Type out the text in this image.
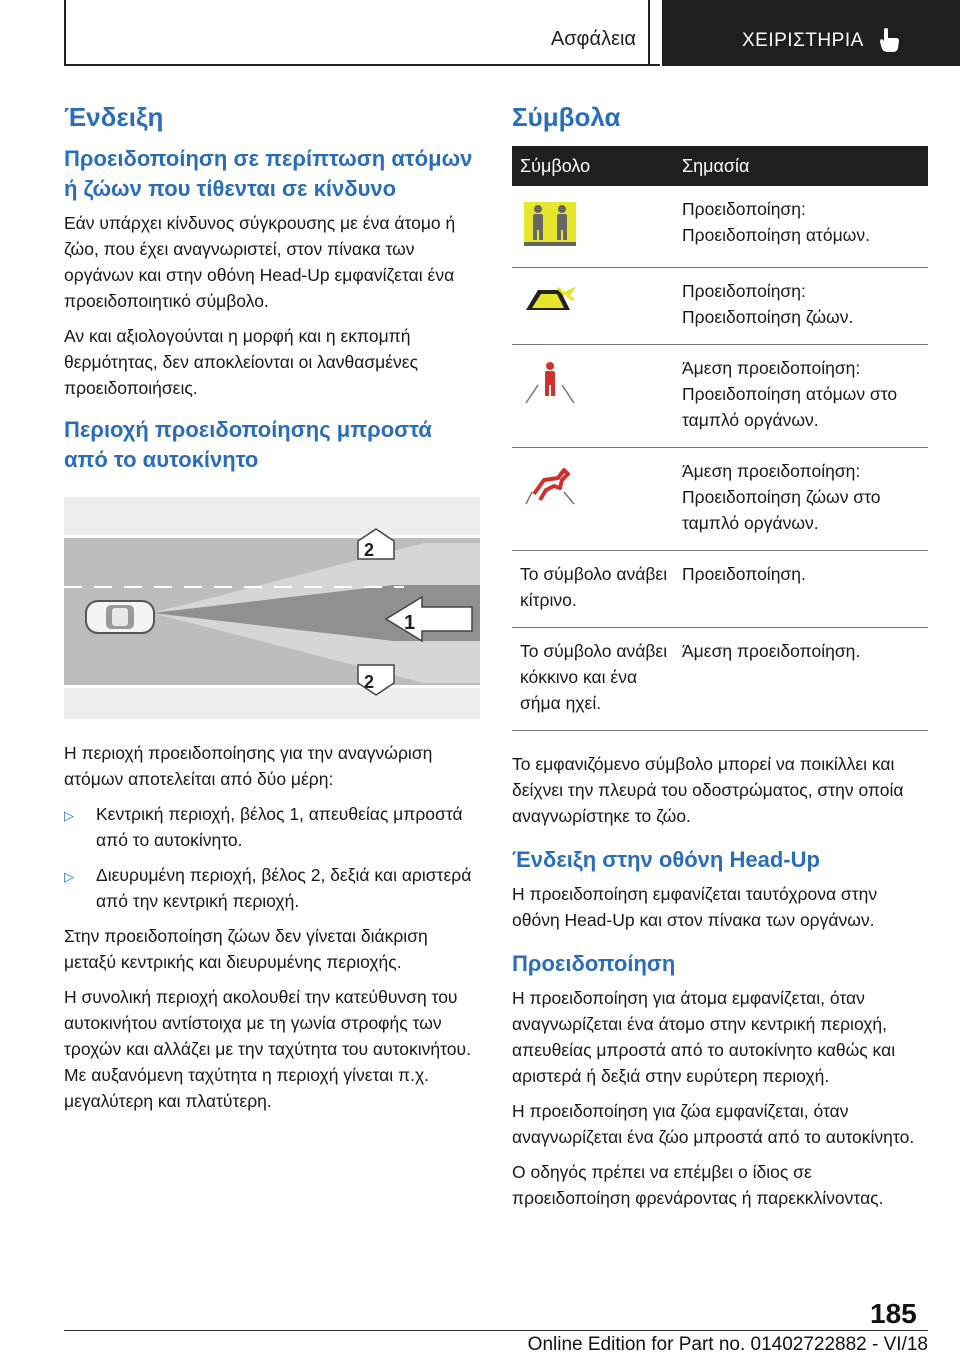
Ασφάλεια	ΧΕΙΡΙΣΤΗΡΙΑ
Ένδειξη
Προειδοποίηση σε περίπτωση ατόμων ή ζώων που τίθενται σε κίνδυνο

Εάν υπάρχει κίνδυνος σύγκρουσης με ένα άτομο ή ζώο, που έχει αναγνωριστεί, στον πίνακα των οργάνων και στην οθόνη Head-Up εμφανίζεται ένα προειδοποιητικό σύμβολο.

Αν και αξιολογούνται η μορφή και η εκπομπή θερμότητας, δεν αποκλείονται οι λανθασμένες προειδοποιήσεις.

Περιοχή προειδοποίησης μπροστά από το αυτοκίνητο
1
2
2

Η περιοχή προειδοποίησης για την αναγνώριση ατόμων αποτελείται από δύο μέρη:

▷	Κεντρική περιοχή, βέλος 1, απευθείας μπροστά από το αυτοκίνητο.
▷	Διευρυμένη περιοχή, βέλος 2, δεξιά και αριστερά από την κεντρική περιοχή.

Στην προειδοποίηση ζώων δεν γίνεται διάκριση μεταξύ κεντρικής και διευρυμένης περιοχής.

Η συνολική περιοχή ακολουθεί την κατεύθυνση του αυτοκινήτου αντίστοιχα με τη γωνία στροφής των τροχών και αλλάζει με την ταχύτητα του αυτοκινήτου. Με αυξανόμενη ταχύτητα η περιοχή γίνεται π.χ. μεγαλύτερη και πλατύτερη.

Σύμβολα
Σύμβολο	Σημασία
	Προειδοποίηση: Προειδοποίηση ατόμων.
	Προειδοποίηση: Προειδοποίηση ζώων.
	Άμεση προειδοποίηση: Προειδοποίηση ατόμων στο ταμπλό οργάνων.
	Άμεση προειδοποίηση: Προειδοποίηση ζώων στο ταμπλό οργάνων.
Το σύμβολο ανάβει κίτρινο.	Προειδοποίηση.
Το σύμβολο ανάβει κόκκινο και ένα σήμα ηχεί.	Άμεση προειδοποίηση.

Το εμφανιζόμενο σύμβολο μπορεί να ποικίλλει και δείχνει την πλευρά του οδοστρώματος, στην οποία αναγνωρίστηκε το ζώο.

Ένδειξη στην οθόνη Head-Up

Η προειδοποίηση εμφανίζεται ταυτόχρονα στην οθόνη Head-Up και στον πίνακα των οργάνων.

Προειδοποίηση

Η προειδοποίηση για άτομα εμφανίζεται, όταν αναγνωρίζεται ένα άτομο στην κεντρική περιοχή, απευθείας μπροστά από το αυτοκίνητο καθώς και αριστερά ή δεξιά στην ευρύτερη περιοχή.

Η προειδοποίηση για ζώα εμφανίζεται, όταν αναγνωρίζεται ένα ζώο μπροστά από το αυτοκίνητο.

Ο οδηγός πρέπει να επέμβει ο ίδιος σε προειδοποίηση φρενάροντας ή παρεκκλίνοντας.

185
Online Edition for Part no. 01402722882 - VI/18
